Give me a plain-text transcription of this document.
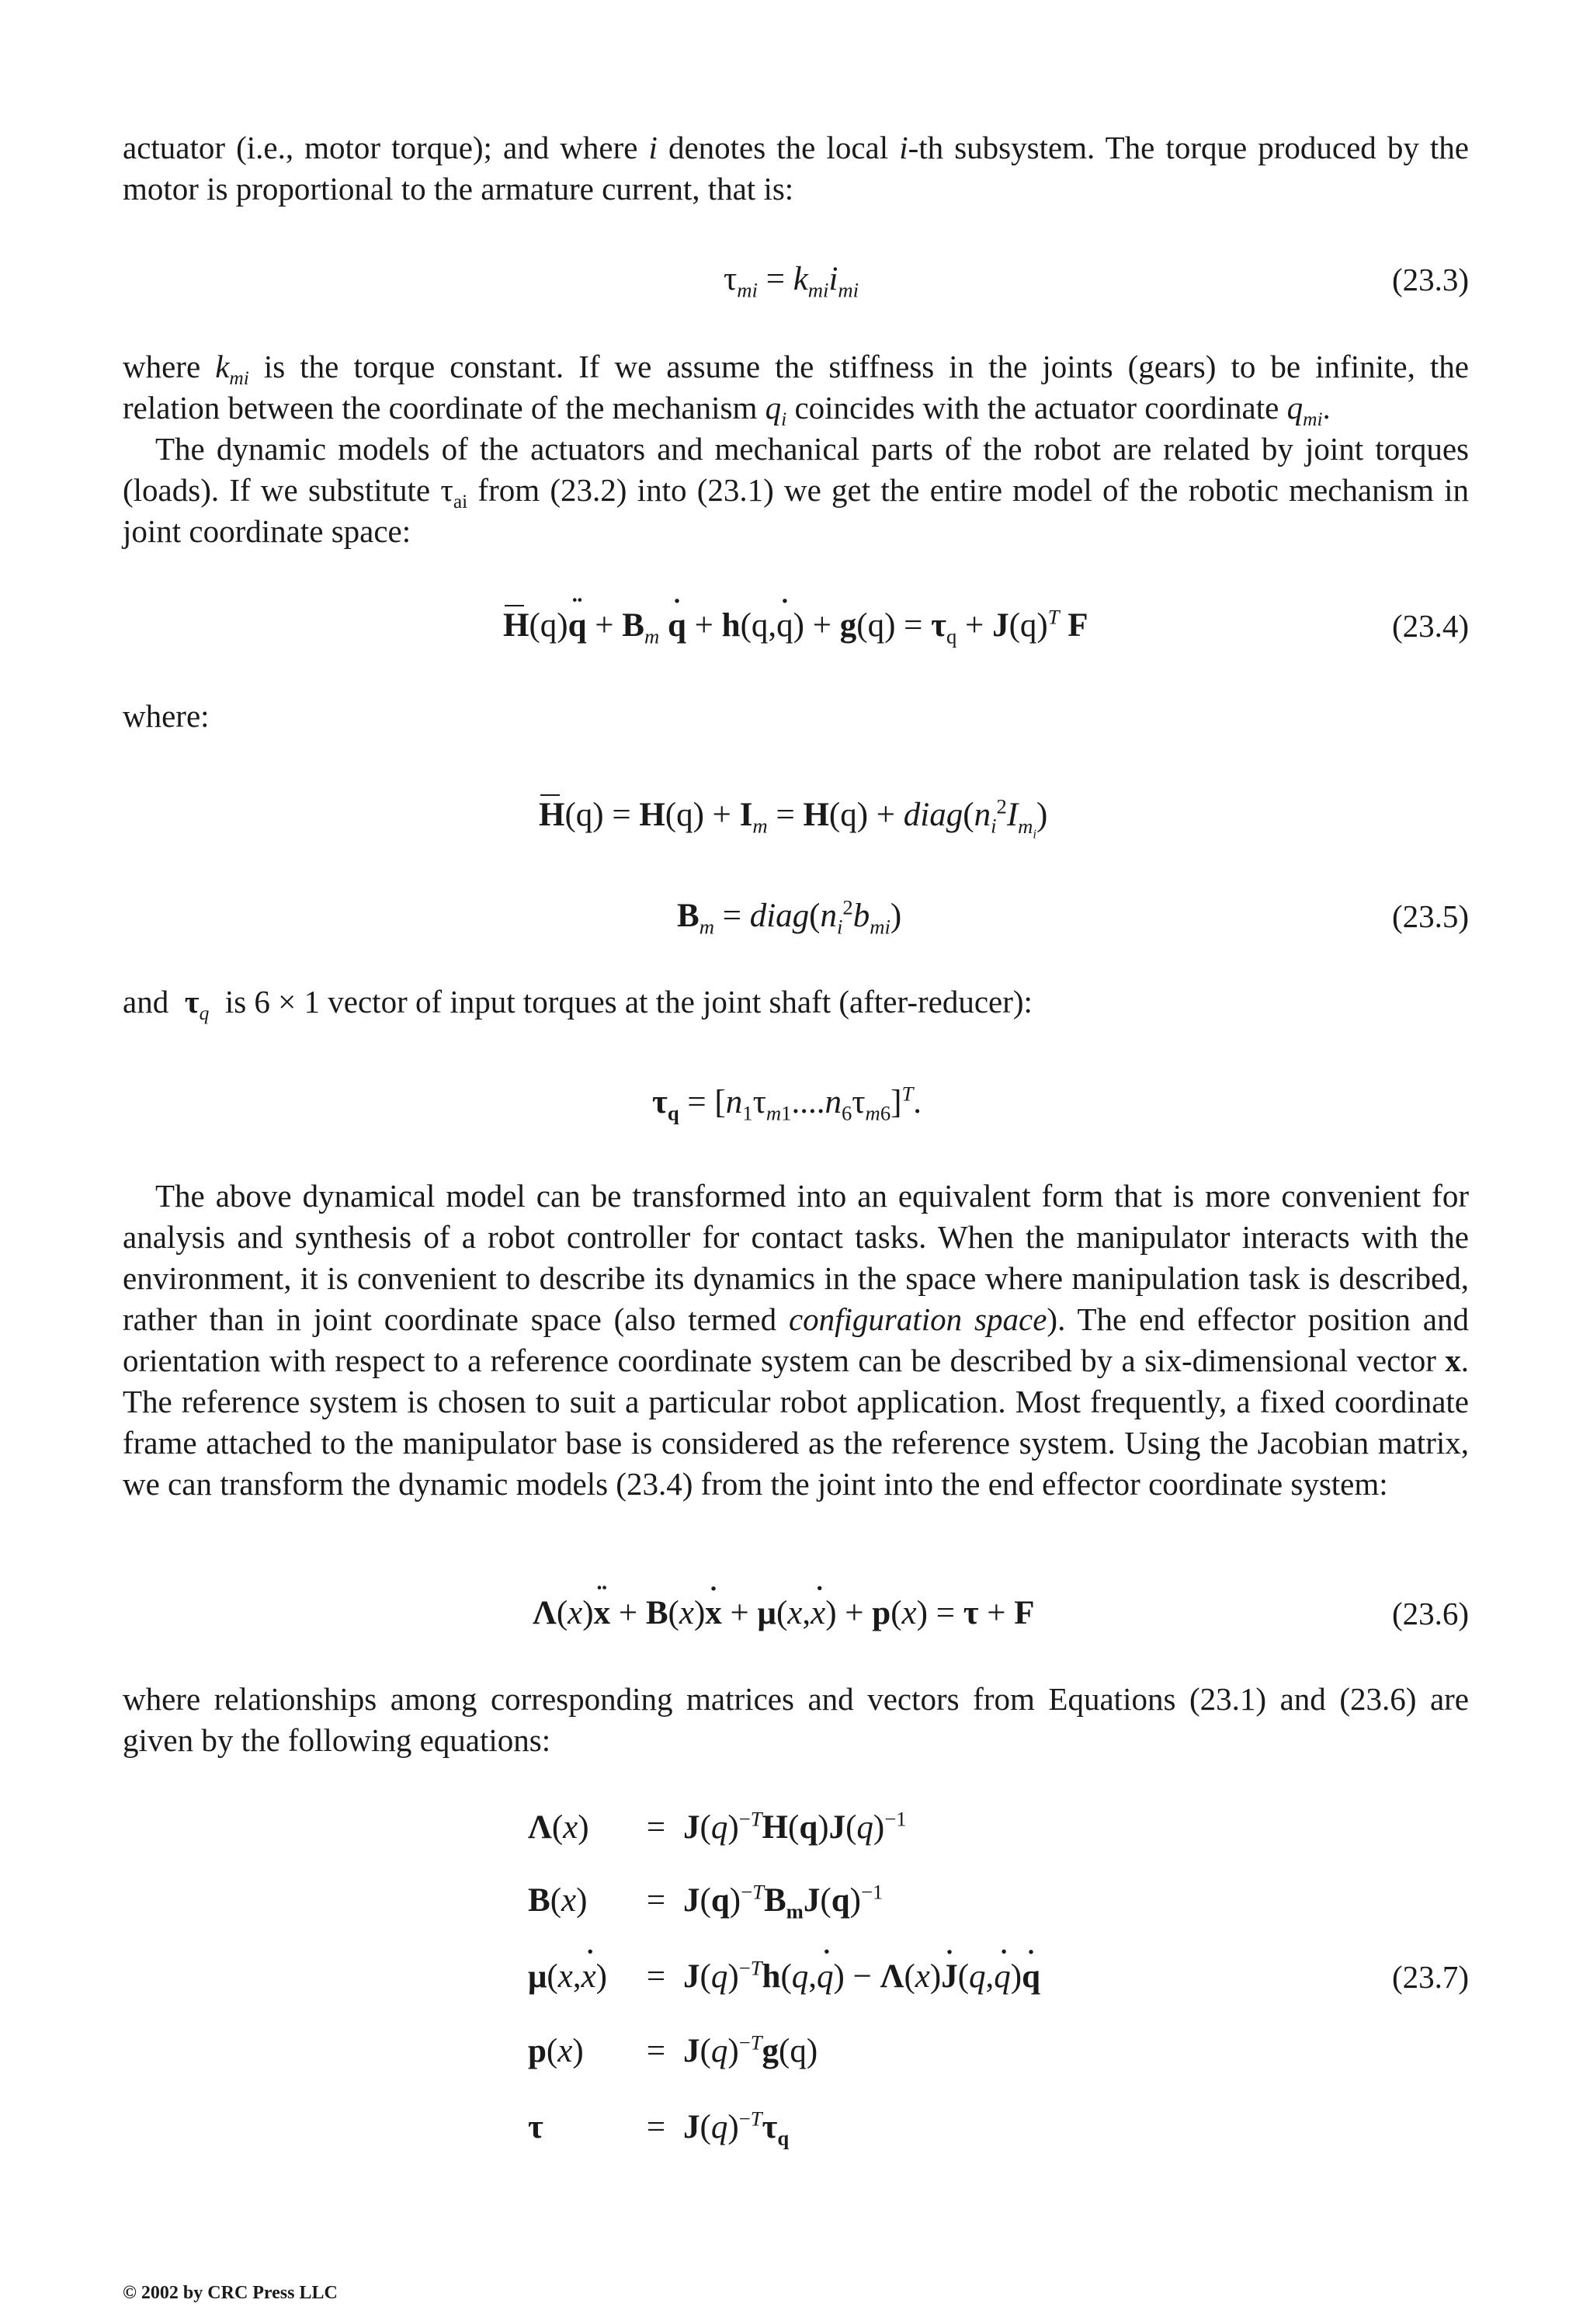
actuator (i.e., motor torque); and where i denotes the local i-th subsystem. The torque produced by the motor is proportional to the armature current, that is:

$\tau_{mi} = k_{mi}i_{mi}$	(23.3)
where $k_{mi}$ is the torque constant. If we assume the stiffness in the joints (gears) to be infinite, the
relation between the coordinate of the mechanism $q_i$ coincides with the actuator coordinate $q_{mi}$.

The dynamic models of the actuators and mechanical parts of the robot are related by joint torques (loads). If we substitute $\tau_{ai}$ from (23.2) into (23.1) we get the entire model of the robotic mechanism in joint coordinate space:

H(q)¨ $q + B_m$ ˙ q + h(q,˙ $q) + g(q) = \tau_q + J(q)^T$ F	(23.4)
where:
$H(q) = H(q) + I_m = H(q)$ + $diag(n_i^2I_{m_i})$
$B_m$ = $diag(n_i^2b_{mi})$	(23.5)
and  $\tau_q$  is 6 × 1 vector of input torques at the joint shaft (after-reducer):
$\tau_q = [n_1\tau_{m1}....n_6\tau_{m6}]^T$.

The above dynamical model can be transformed into an equivalent form that is more convenient for analysis and synthesis of a robot controller for contact tasks. When the manipulator interacts with the environment, it is convenient to describe its dynamics in the space where manipulation task is described, rather than in joint coordinate space (also termed configuration space). The end effector position and orientation with respect to a reference coordinate system can be described by a six-dimensional vector x. The reference system is chosen to suit a particular robot application. Most frequently, a fixed coordinate frame attached to the manipulator base is considered as the reference system. Using the Jacobian matrix, we can transform the dynamic models (23.4) from the joint into the end effector coordinate system:

Λ(x)¨ x + B(x)˙ x + μ(x,˙ x) + p(x) = τ + F	(23.6)

where relationships among corresponding matrices and vectors from Equations (23.1) and (23.6) are given by the following equations:

$\Lambda(x) = J(q)^{-T}H(q)J(q)^{-1}$
$B(x) = J(q)^{-T}B_mJ(q)^{-1}$
μ(x,˙ $x) = J(q)^{-T}h(q,˙$ q) − Λ(x)˙ J(q,˙ q)˙ q	(23.7)
$p(x) = J(q)^{-T}g(q)$
τ	= $J(q)^{-T}\tau_q$
© 2002 by CRC Press LLC
